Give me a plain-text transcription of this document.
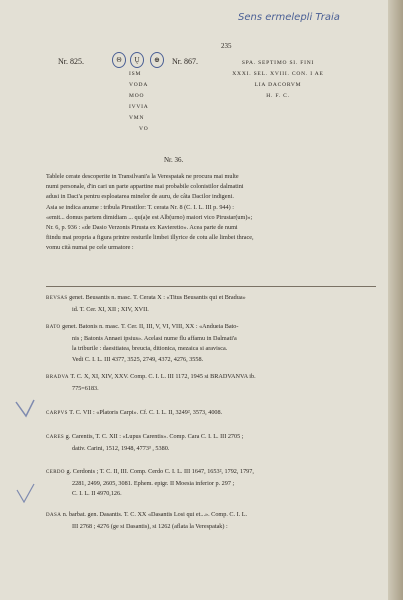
Sens ermelepli Traia
235
Nr. 825.	Θ	Ṵ	⊕	Nr. 867.
ISM
VODA
MOO
IVVIA
VMN
VO
SPA. SEPTIMO SI. FINI
XXXI. SEL. XVIII. CON. I AE
LIA DACORVM
H. F. C.
Nr. 36.
Tablele cerate descoperite in Transilvani'a la Verespatak ne procura mai multe
numi personale, d'in cari un parte appartine mai probabile colonistilor dalmatini
adusi in Daci'a pentru esploatarea minelor de auru, de câta Dacilor indigeni.
Asia se indica anume : tribula Pirustilor: T. cerata Nr. 8 (C. I. L. III p. 944) :
«emit... domus partem dimidiam ... qu(a)e est Alb(urno) maiori vico Pirustar(um)»;
Nr. 6, p. 936 : «de Dasio Verzonis Pirusta ex Kavieretio». Acea parte de numi
fiindu mai propria a figura printre resturile limbei illyrice de cotu alle limbei thrace,
vomu cità numai pe cele urmatore :
BEVSAS genet. Beusantis n. masc. T. Cerata X : «Titus Beusantis qui et Bradua»
id. T. Cer. XI, XII ; XIV, XVII.
BATO genet. Batonis n. masc. T. Cer. II, III, V, VI, VIII, XX : «Andueia Bato-
nis ; Batonis Annaei ipsius». Acelasi nume flu affamu in Dalmati'a
la triburile : daesitiatea, breucia, ditionica, mezaica si aravisca.
Vedi C. I. L. III 4377, 3525, 2749, 4372, 4276, 3558.
BRADVA T. C. X, XI, XIV, XXV. Comp. C. I. L. III 1172, 1945 si BRADVANVA ib.
775=6183.
CARPVS T. C. VII : «Platoris Carpi». Cf. C. I. L. II, 3249², 3573, 4008.
CARES g. Carentis, T. C. XII : «Lupus Carentis». Comp. Cara C. I. L. III 2705 ;
dativ. Carini, 1512, 1948, 4773³ , 5380.
CERDO g. Cerdonis ; T. C. II, III. Comp. Cerdo C. I. L. III 1647, 1653², 1792, 1797,
2281, 2499, 2605, 3081. Ephem. epigr. II Moesia inferior p. 297 ;
C. I. L. II 4970,126.
DASA n. barbat. gen. Dasantis. T. C. XX «Dasantis Losi qui et...». Comp. C. I. L.
III 2768 ; 4276 (ge si Dasantis), si 1262 (aflata la Verespatak) :
